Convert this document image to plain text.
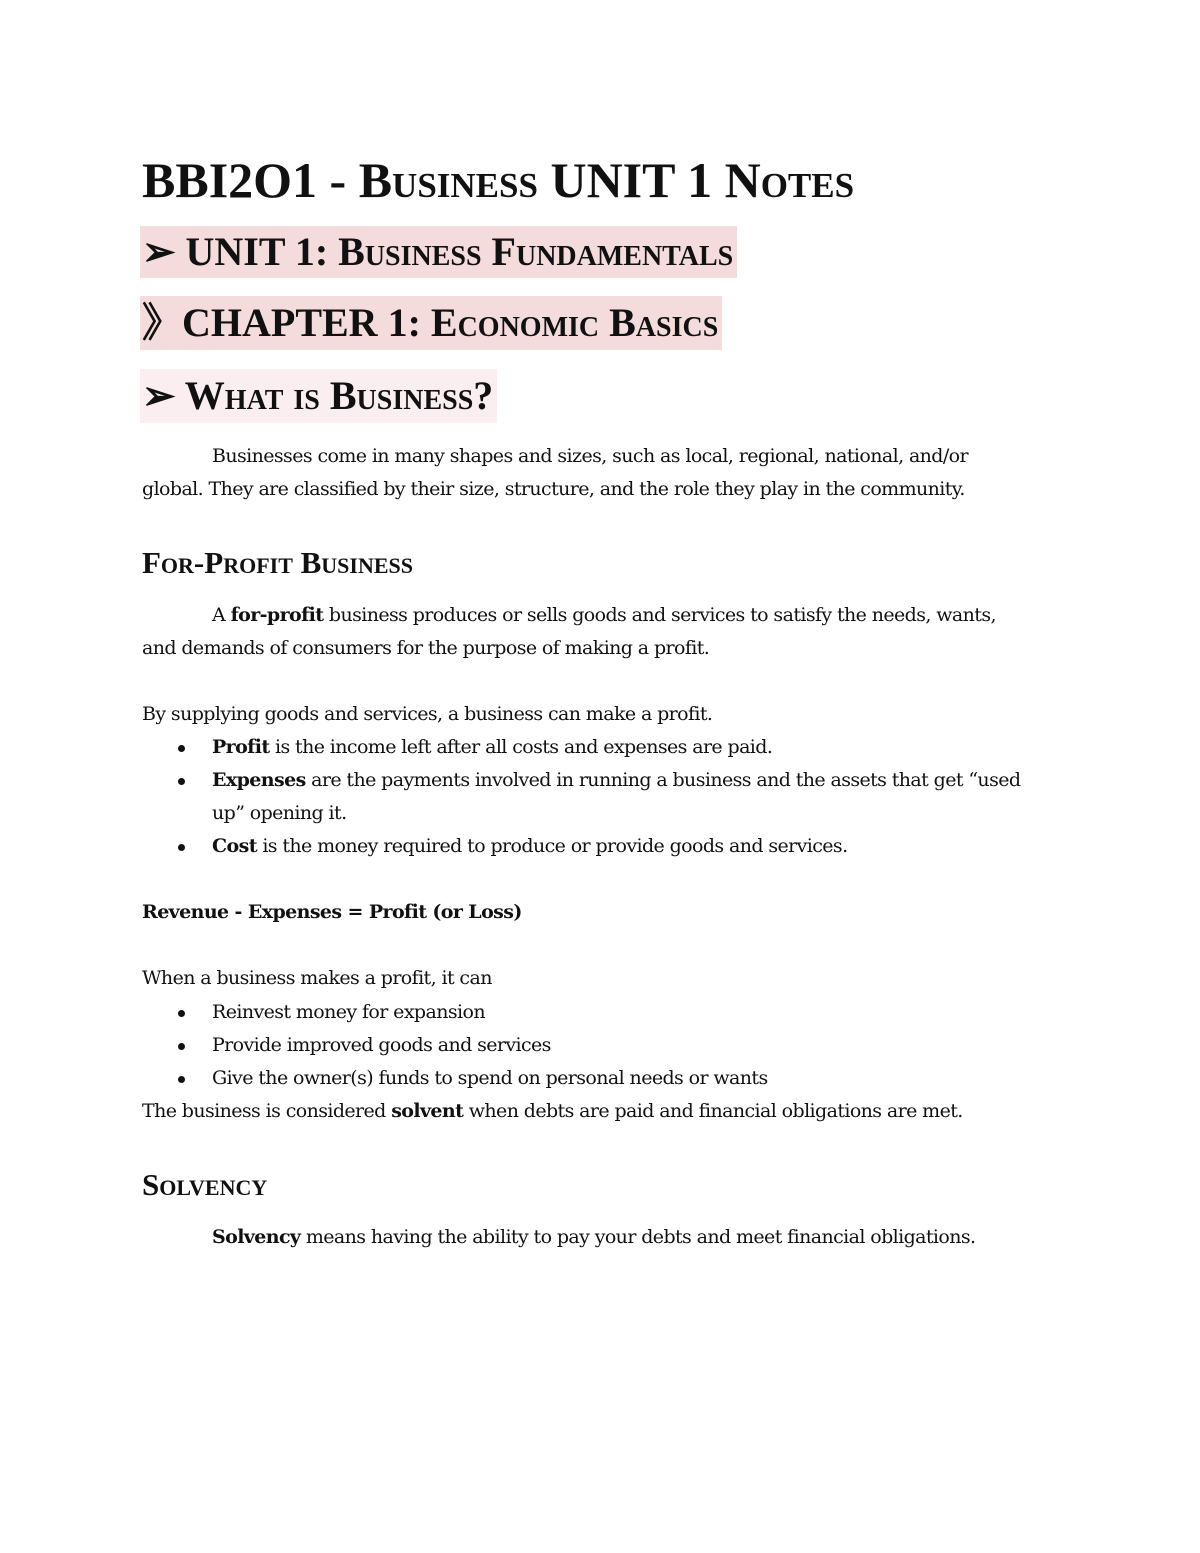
BBI2O1 - Business UNIT 1 Notes
➢ UNIT 1: Business Fundamentals
》CHAPTER 1: Economic Basics
➢ What is Business?
Businesses come in many shapes and sizes, such as local, regional, national, and/or
global. They are classified by their size, structure, and the role they play in the community.
For-Profit Business
A for-profit business produces or sells goods and services to satisfy the needs, wants,
and demands of consumers for the purpose of making a profit.
By supplying goods and services, a business can make a profit.
Profit is the income left after all costs and expenses are paid.
Expenses are the payments involved in running a business and the assets that get “used
up” opening it.
Cost is the money required to produce or provide goods and services.
Revenue - Expenses = Profit (or Loss)
When a business makes a profit, it can
Reinvest money for expansion
Provide improved goods and services
Give the owner(s) funds to spend on personal needs or wants
The business is considered solvent when debts are paid and financial obligations are met.
Solvency
Solvency means having the ability to pay your debts and meet financial obligations.
